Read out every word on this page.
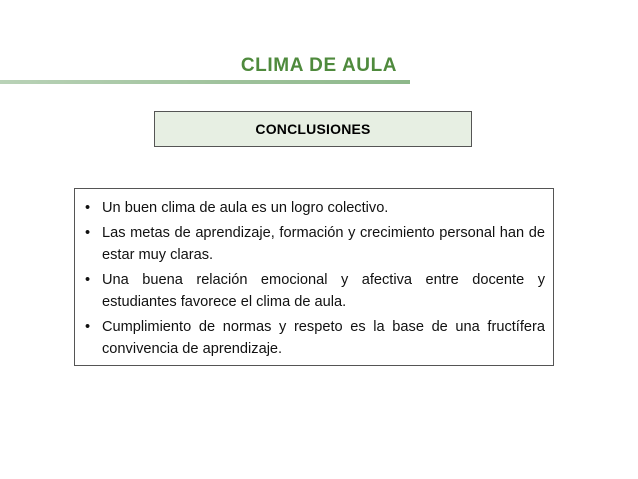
CLIMA DE AULA
CONCLUSIONES
• Un buen clima de aula es un logro colectivo.
• Las metas de aprendizaje, formación y crecimiento personal han de estar muy claras.
• Una buena relación emocional y afectiva entre docente y estudiantes favorece el clima de aula.
• Cumplimiento de normas y respeto es la base de una fructífera convivencia de aprendizaje.
